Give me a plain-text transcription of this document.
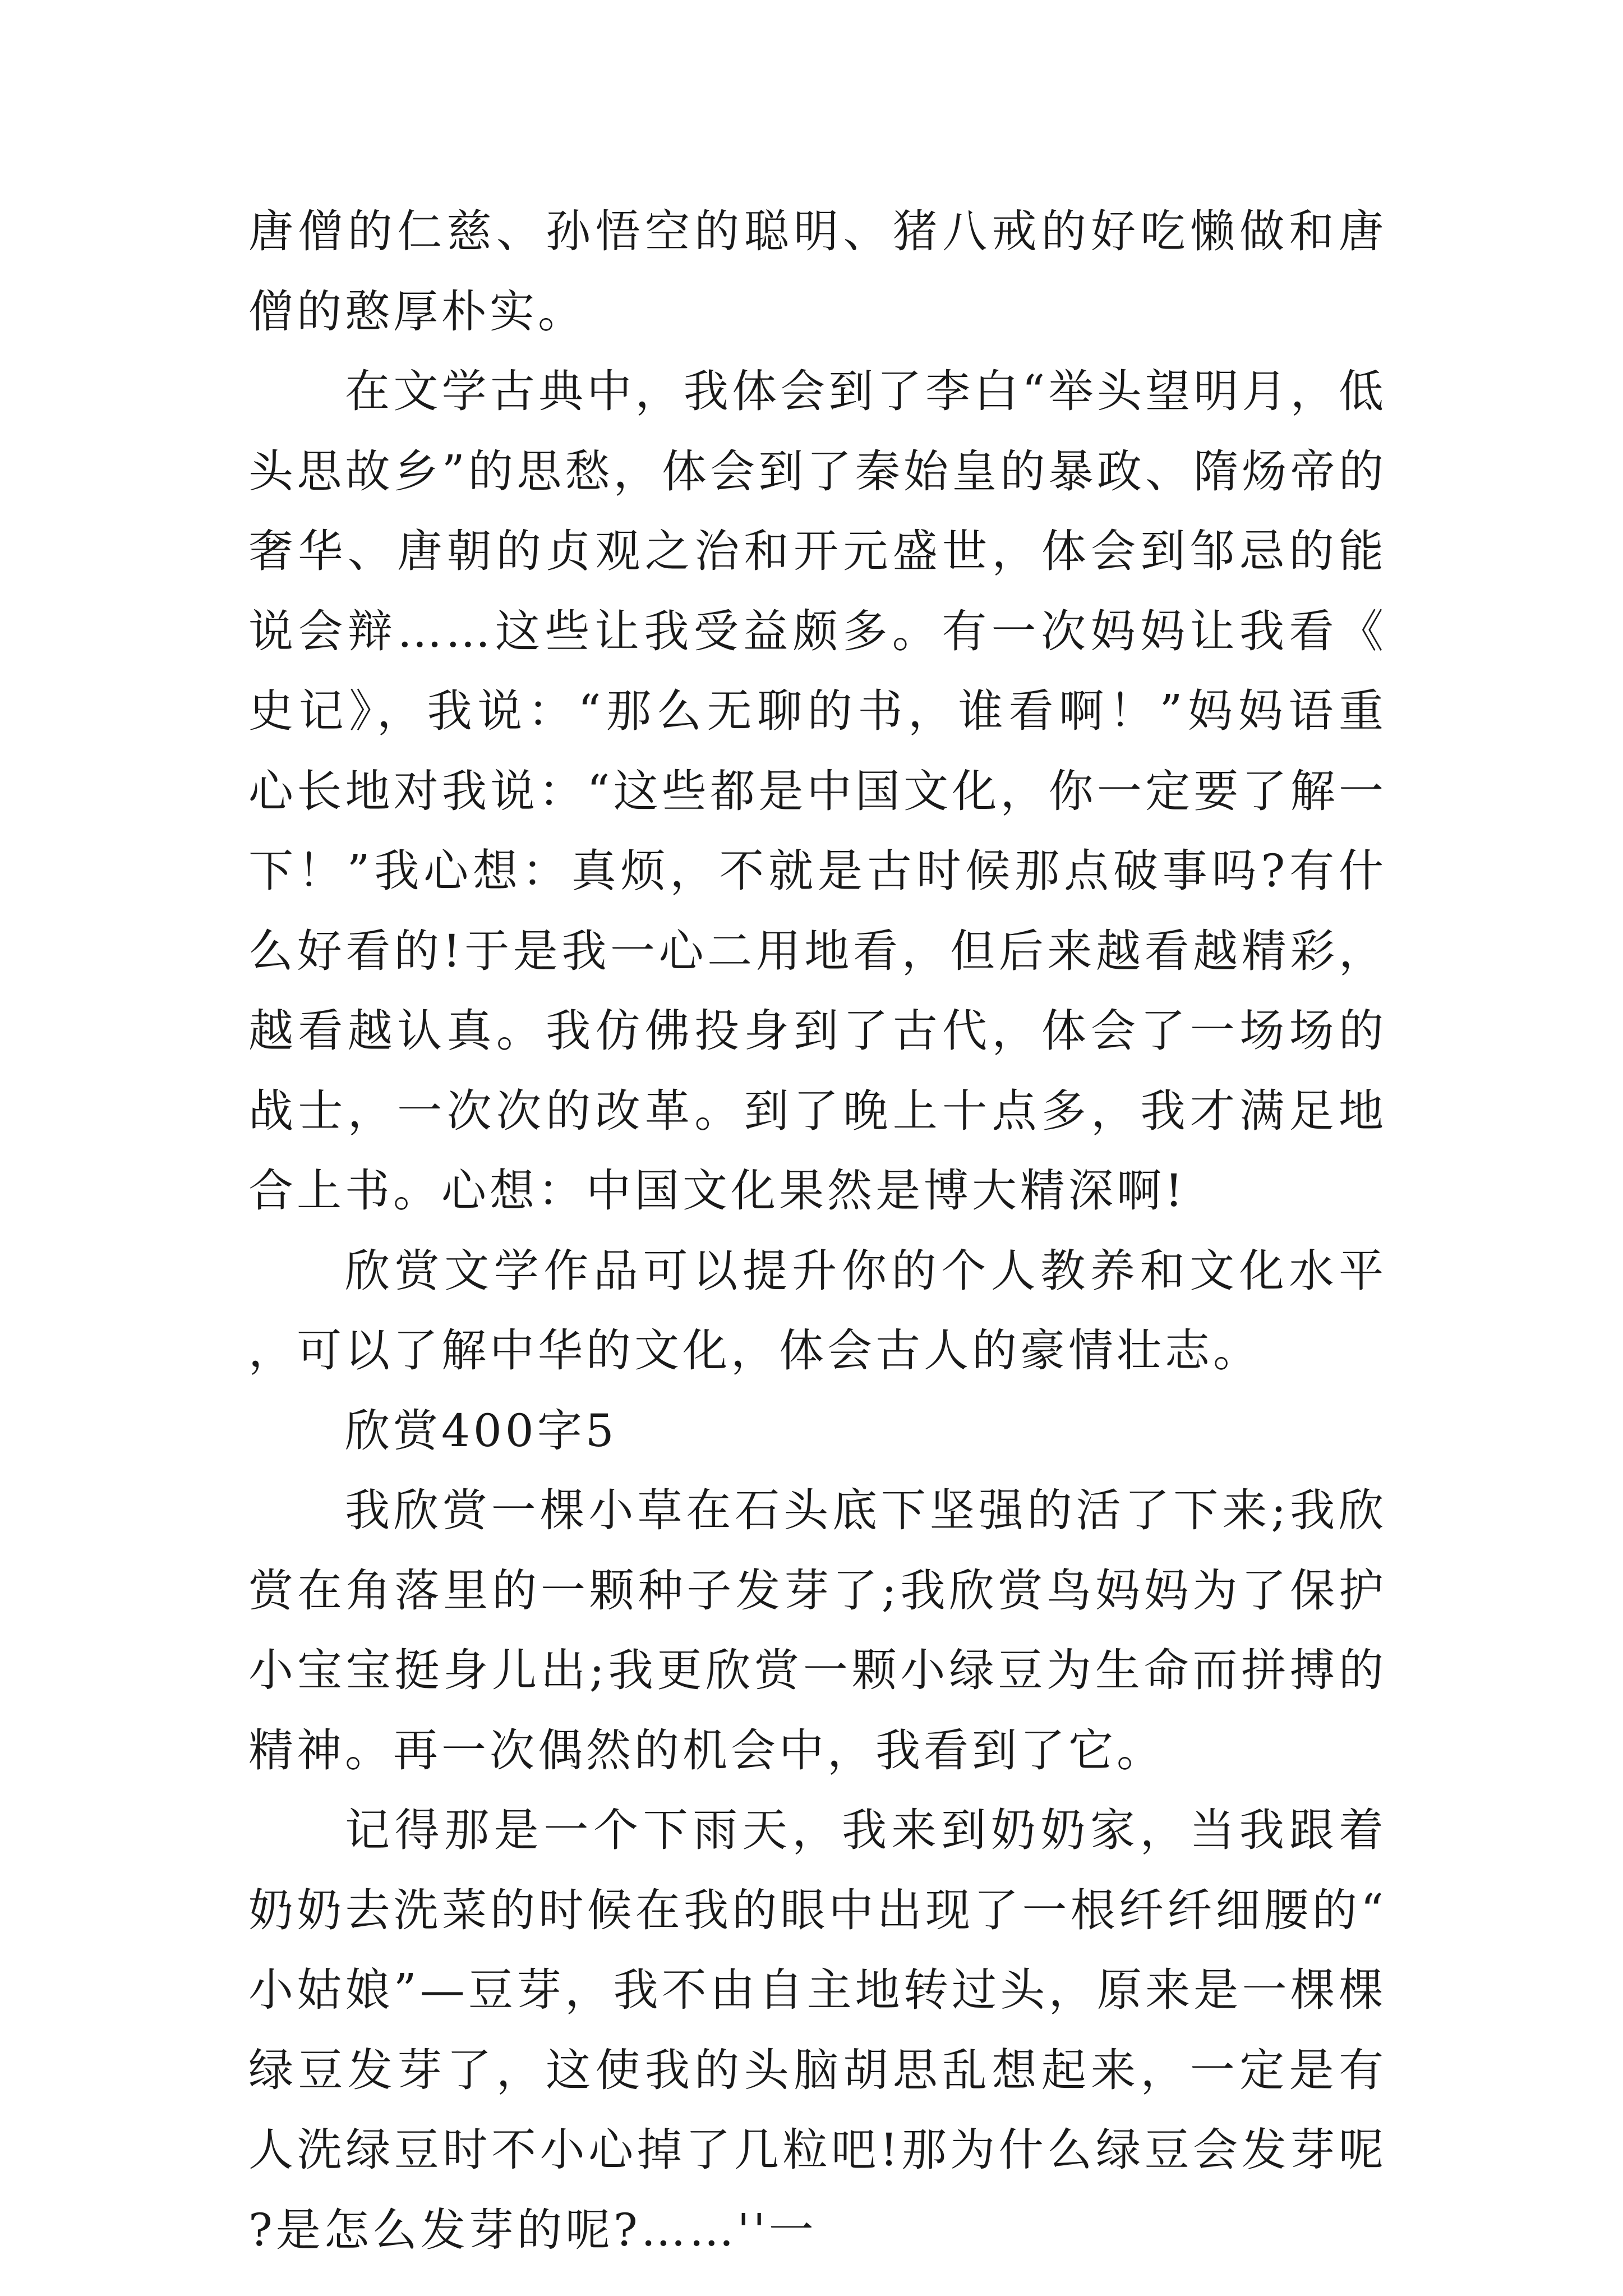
唐僧的仁慈、孙悟空的聪明、猪八戒的好吃懒做和唐僧的憨厚朴实。

在文学古典中，我体会到了李白“举头望明月，低头思故乡”的思愁，体会到了秦始皇的暴政、隋炀帝的奢华、唐朝的贞观之治和开元盛世，体会到邹忌的能说会辩……这些让我受益颇多。有一次妈妈让我看《史记》，我说：“那么无聊的书，谁看啊！”妈妈语重心长地对我说：“这些都是中国文化，你一定要了解一下！”我心想：真烦，不就是古时候那点破事吗?有什么好看的!于是我一心二用地看，但后来越看越精彩，越看越认真。我仿佛投身到了古代，体会了一场场的战士，一次次的改革。到了晚上十点多，我才满足地合上书。心想：中国文化果然是博大精深啊!

欣赏文学作品可以提升你的个人教养和文化水平，可以了解中华的文化，体会古人的豪情壮志。

欣赏400字5

我欣赏一棵小草在石头底下坚强的活了下来;我欣赏在角落里的一颗种子发芽了;我欣赏鸟妈妈为了保护小宝宝挺身儿出;我更欣赏一颗小绿豆为生命而拼搏的精神。再一次偶然的机会中，我看到了它。

记得那是一个下雨天，我来到奶奶家，当我跟着奶奶去洗菜的时候在我的眼中出现了一根纤纤细腰的“小姑娘”—豆芽，我不由自主地转过头，原来是一棵棵绿豆发芽了，这使我的头脑胡思乱想起来，一定是有人洗绿豆时不小心掉了几粒吧!那为什么绿豆会发芽呢?是怎么发芽的呢?……''一
